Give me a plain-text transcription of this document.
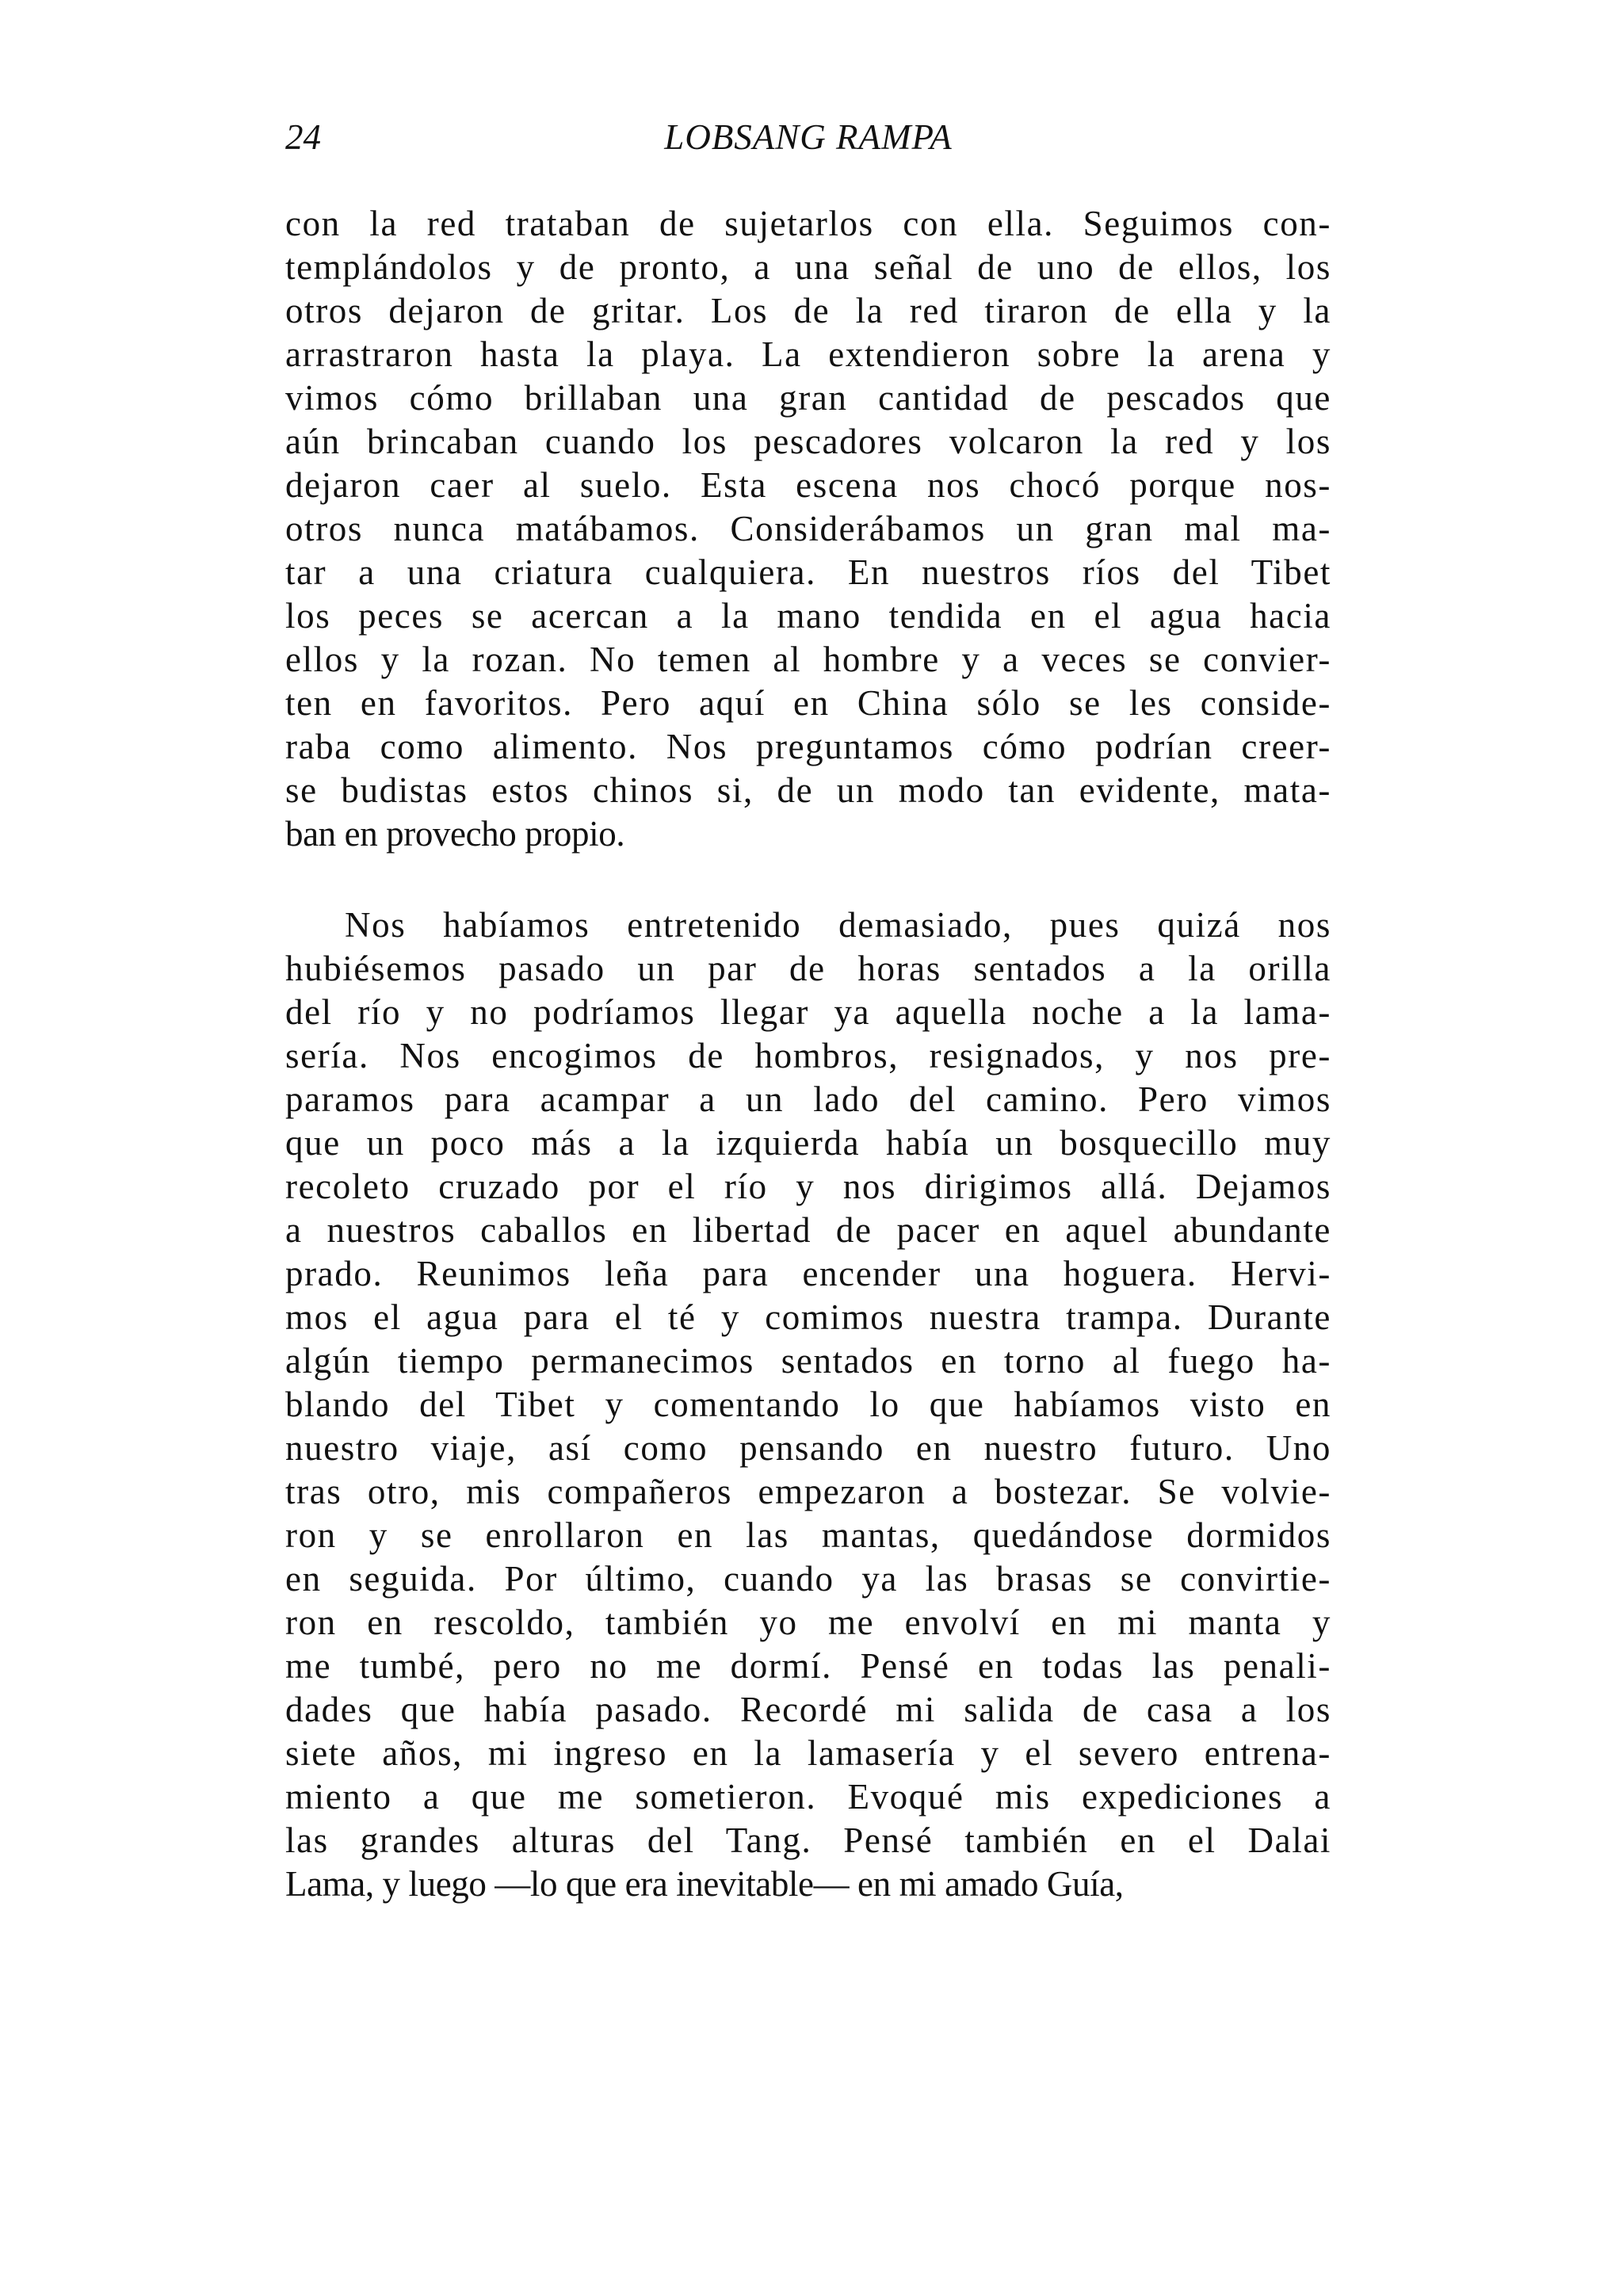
24	LOBSANG RAMPA
con la red trataban de sujetarlos con ella. Seguimos con-
templándolos y de pronto, a una señal de uno de ellos, los
otros dejaron de gritar. Los de la red tiraron de ella y la
arrastraron hasta la playa. La extendieron sobre la arena y
vimos cómo brillaban una gran cantidad de pescados que
aún brincaban cuando los pescadores volcaron la red y los
dejaron caer al suelo. Esta escena nos chocó porque nos-
otros nunca matábamos. Considerábamos un gran mal ma-
tar a una criatura cualquiera. En nuestros ríos del Tibet
los peces se acercan a la mano tendida en el agua hacia
ellos y la rozan. No temen al hombre y a veces se convier-
ten en favoritos. Pero aquí en China sólo se les conside-
raba como alimento. Nos preguntamos cómo podrían creer-
se budistas estos chinos si, de un modo tan evidente, mata-
ban en provecho propio.
Nos habíamos entretenido demasiado, pues quizá nos
hubiésemos pasado un par de horas sentados a la orilla
del río y no podríamos llegar ya aquella noche a la lama-
sería. Nos encogimos de hombros, resignados, y nos pre-
paramos para acampar a un lado del camino. Pero vimos
que un poco más a la izquierda había un bosquecillo muy
recoleto cruzado por el río y nos dirigimos allá. Dejamos
a nuestros caballos en libertad de pacer en aquel abundante
prado. Reunimos leña para encender una hoguera. Hervi-
mos el agua para el té y comimos nuestra trampa. Durante
algún tiempo permanecimos sentados en torno al fuego ha-
blando del Tibet y comentando lo que habíamos visto en
nuestro viaje, así como pensando en nuestro futuro. Uno
tras otro, mis compañeros empezaron a bostezar. Se volvie-
ron y se enrollaron en las mantas, quedándose dormidos
en seguida. Por último, cuando ya las brasas se convirtie-
ron en rescoldo, también yo me envolví en mi manta y
me tumbé, pero no me dormí. Pensé en todas las penali-
dades que había pasado. Recordé mi salida de casa a los
siete años, mi ingreso en la lamasería y el severo entrena-
miento a que me sometieron. Evoqué mis expediciones a
las grandes alturas del Tang. Pensé también en el Dalai
Lama, y luego —lo que era inevitable— en mi amado Guía,
